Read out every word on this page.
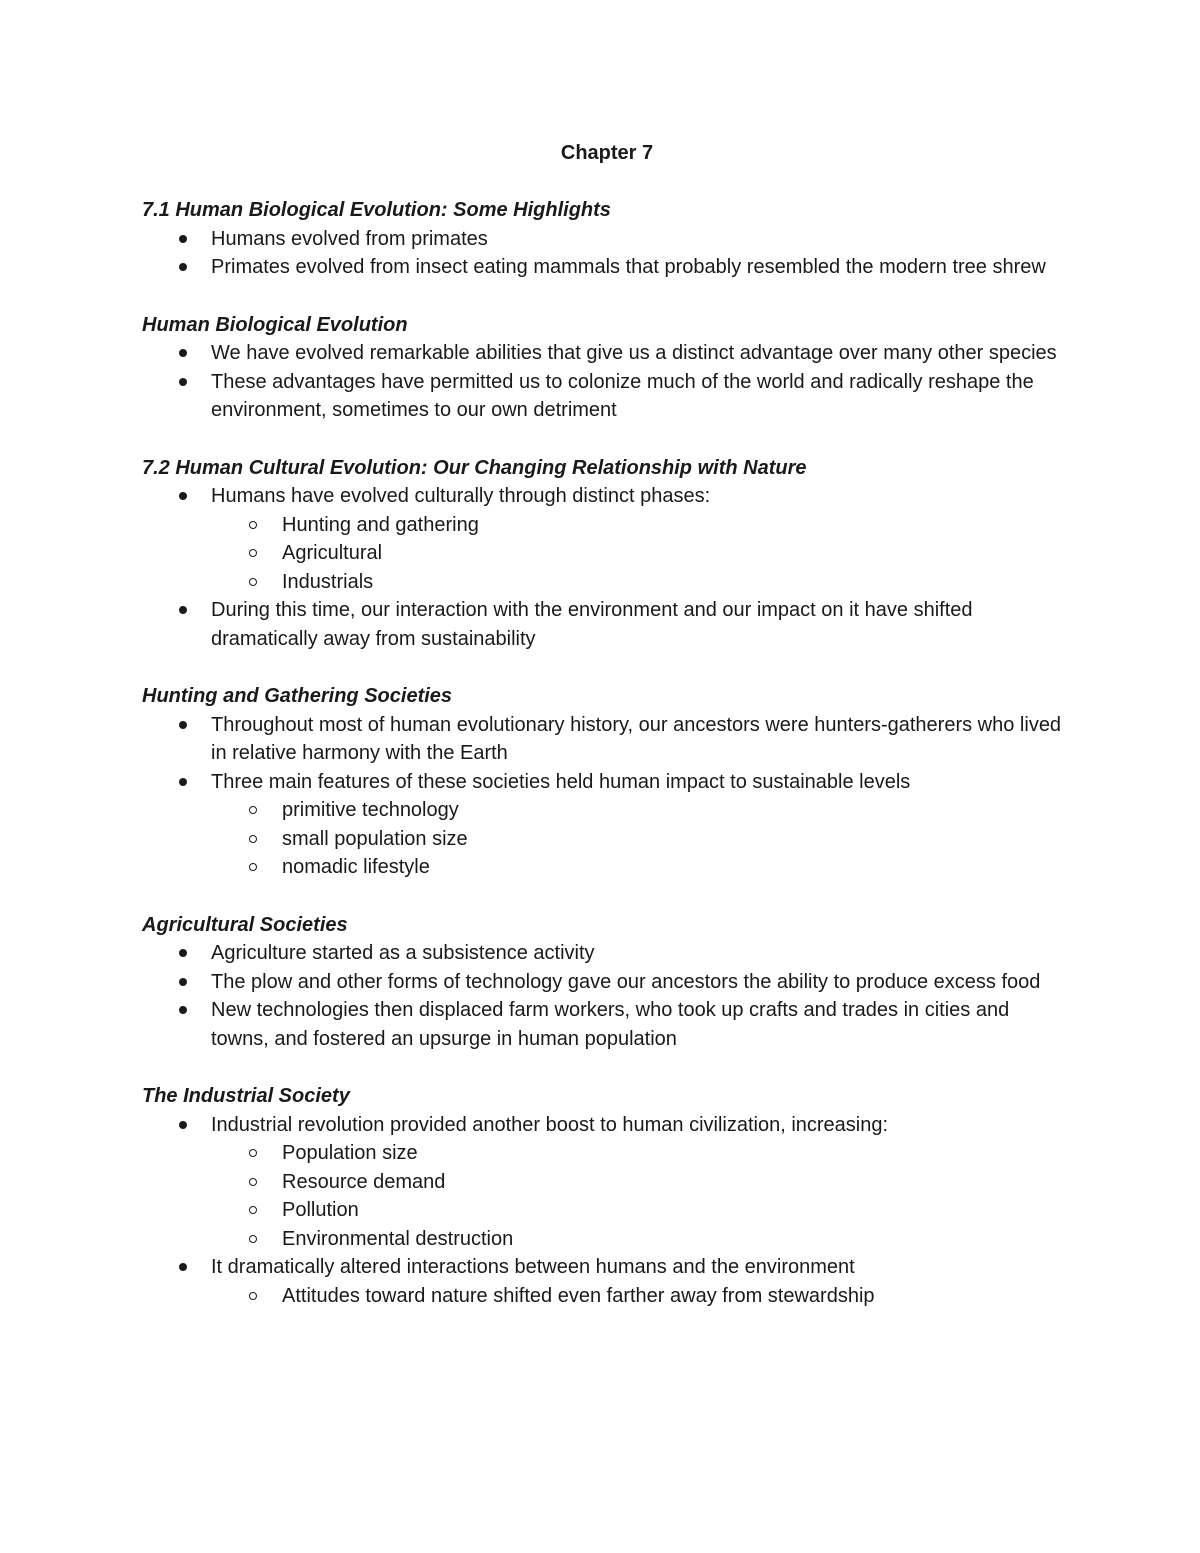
Chapter 7
7.1 Human Biological Evolution: Some Highlights
Humans evolved from primates
Primates evolved from insect eating mammals that probably resembled the modern tree shrew
Human Biological Evolution
We have evolved remarkable abilities that give us a distinct advantage over many other species
These advantages have permitted us to colonize much of the world and radically reshape the environment, sometimes to our own detriment
7.2 Human Cultural Evolution: Our Changing Relationship with Nature
Humans have evolved culturally through distinct phases:
Hunting and gathering
Agricultural
Industrials
During this time, our interaction with the environment and our impact on it have shifted dramatically away from sustainability
Hunting and Gathering Societies
Throughout most of human evolutionary history, our ancestors were hunters-gatherers who lived in relative harmony with the Earth
Three main features of these societies held human impact to sustainable levels
primitive technology
small population size
nomadic lifestyle
Agricultural Societies
Agriculture started as a subsistence activity
The plow and other forms of technology gave our ancestors the ability to produce excess food
New technologies then displaced farm workers, who took up crafts and trades in cities and towns, and fostered an upsurge in human population
The Industrial Society
Industrial revolution provided another boost to human civilization, increasing:
Population size
Resource demand
Pollution
Environmental destruction
It dramatically altered interactions between humans and the environment
Attitudes toward nature shifted even farther away from stewardship
